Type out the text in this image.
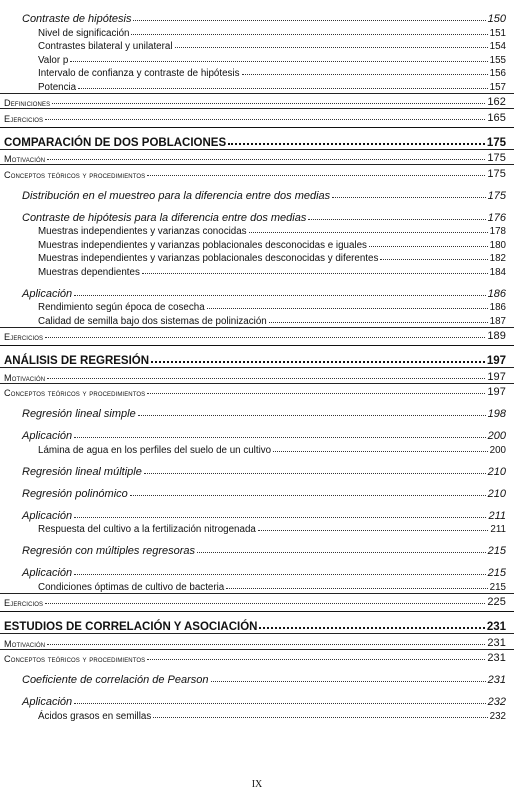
Contraste de hipótesis	150
Nivel de significación	151
Contrastes bilateral y unilateral	154
Valor p	155
Intervalo de confianza y contraste de hipótesis	156
Potencia	157
Definiciones	162
Ejercicios	165
COMPARACIÓN DE DOS POBLACIONES	175
Motivación	175
Conceptos teóricos y procedimientos	175
Distribución en el muestreo para la diferencia entre dos medias	175
Contraste de hipótesis para la diferencia entre dos medias	176
Muestras independientes y varianzas conocidas	178
Muestras independientes y varianzas poblacionales desconocidas e iguales	180
Muestras independientes y varianzas poblacionales desconocidas y diferentes	182
Muestras dependientes	184
Aplicación	186
Rendimiento según época de cosecha	186
Calidad de semilla bajo dos sistemas de polinización	187
Ejercicios	189
ANÁLISIS DE REGRESIÓN	197
Motivación	197
Conceptos teóricos y procedimientos	197
Regresión lineal simple	198
Aplicación	200
Lámina de agua en los perfiles del suelo de un cultivo	200
Regresión lineal múltiple	210
Regresión polinómico	210
Aplicación	211
Respuesta del cultivo a la fertilización nitrogenada	211
Regresión con múltiples regresoras	215
Aplicación	215
Condiciones óptimas de cultivo de bacteria	215
Ejercicios	225
ESTUDIOS DE CORRELACIÓN Y ASOCIACIÓN	231
Motivación	231
Conceptos teóricos y procedimientos	231
Coeficiente de correlación de Pearson	231
Aplicación	232
Ácidos grasos en semillas	232
IX
